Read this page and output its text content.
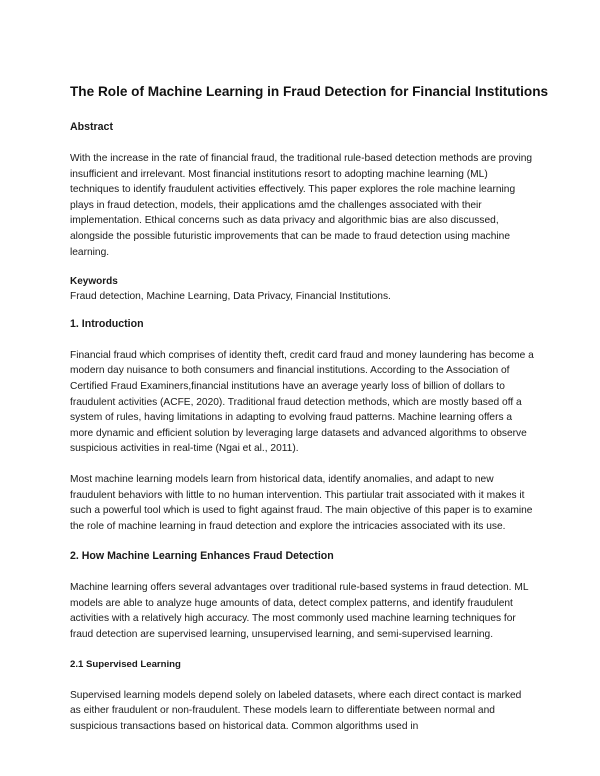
The Role of Machine Learning in Fraud Detection for Financial Institutions
Abstract

With the increase in the rate of financial fraud, the traditional rule-based detection methods are proving insufficient and irrelevant. Most financial institutions resort to adopting machine learning (ML) techniques to identify fraudulent activities effectively. This paper explores the role machine learning plays in fraud detection, models, their applications amd the challenges associated with their implementation. Ethical concerns such as data privacy and algorithmic bias are also discussed, alongside the possible futuristic improvements that can be made to fraud detection using machine learning.

Keywords

Fraud detection, Machine Learning, Data Privacy, Financial Institutions.

1. Introduction

Financial fraud which comprises of identity theft, credit card fraud and money laundering has become a modern day nuisance to both consumers and financial institutions. According to the Association of Certified Fraud Examiners,financial institutions have an average yearly loss of billion of dollars to fraudulent activities (ACFE, 2020). Traditional fraud detection methods, which are mostly based off a system of rules, having limitations in adapting to evolving fraud patterns. Machine learning offers a more dynamic and efficient solution by leveraging large datasets and advanced algorithms to observe suspicious activities in real-time (Ngai et al., 2011).

Most machine learning models learn from historical data, identify anomalies, and adapt to new fraudulent behaviors with little to no human intervention. This partiular trait associated with it makes it such a powerful tool which is used to fight against fraud. The main objective of this paper is to examine the role of machine learning in fraud detection and explore the intricacies associated with its use.

2. How Machine Learning Enhances Fraud Detection

Machine learning offers several advantages over traditional rule-based systems in fraud detection. ML models are able to analyze huge amounts of data, detect complex patterns, and identify fraudulent activities with a relatively high accuracy. The most commonly used machine learning techniques for fraud detection are supervised learning, unsupervised learning, and semi-supervised learning.

2.1 Supervised Learning

Supervised learning models depend solely on labeled datasets, where each direct contact is marked as either fraudulent or non-fraudulent. These models learn to differentiate between normal and suspicious transactions based on historical data. Common algorithms used in
